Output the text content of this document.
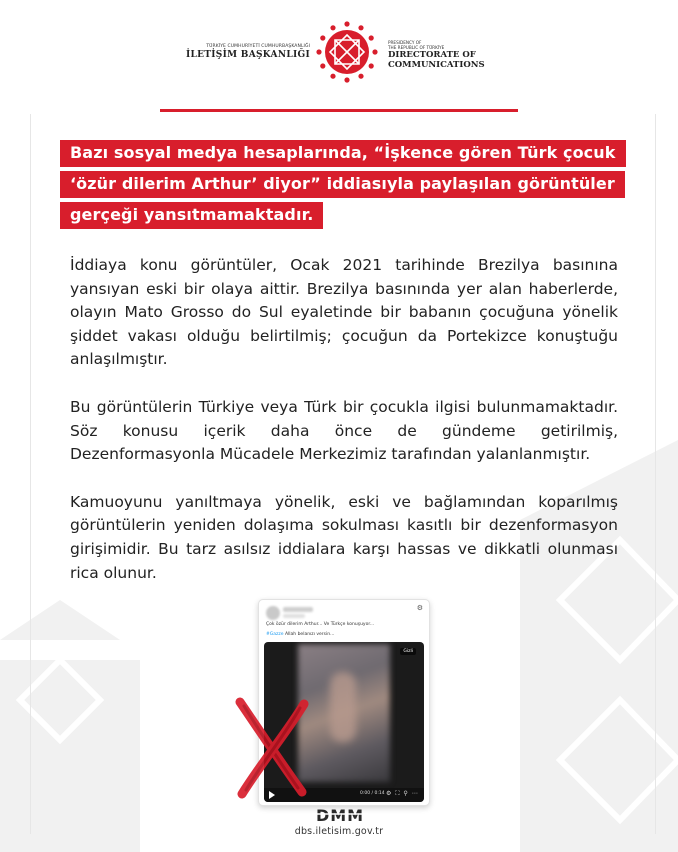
TÜRKİYE CUMHURİYETİ CUMHURBAŞKANLIĞI
İLETİŞİM BAŞKANLIĞI
PRESIDENCY OF
THE REPUBLIC OF TÜRKİYE
DIRECTORATE OF
COMMUNICATIONS
Bazı sosyal medya hesaplarında, “İşkence gören Türk çocuk
‘özür dilerim Arthur’ diyor” iddiasıyla paylaşılan görüntüler
gerçeği yansıtmamaktadır.

İddiaya konu görüntüler, Ocak 2021 tarihinde Brezilya basınına yansıyan eski bir olaya aittir. Brezilya basınında yer alan haberlerde, olayın Mato Grosso do Sul eyaletinde bir babanın çocuğuna yönelik şiddet vakası olduğu belirtilmiş; çocuğun da Portekizce konuştuğu anlaşılmıştır.

Bu görüntülerin Türkiye veya Türk bir çocukla ilgisi bulunmamaktadır. Söz konusu içerik daha önce de gündeme getirilmiş, Dezenformasyonla Mücadele Merkezimiz tarafından yalanlanmıştır.

Kamuoyunu yanıltmaya yönelik, eski ve bağlamından koparılmış görüntülerin yeniden dolaşıma sokulması kasıtlı bir dezenformasyon girişimidir. Bu tarz asılsız iddialara karşı hassas ve dikkatli olunması rica olunur.

⚙
Çok özür dilerim Arthur... Ve Türkçe konuşuyor...
#Gazze Allah belanızı versin...
Gizli
0:00 / 0:14 ⚙ ⛶ ⚲ ⋯
DMM
dbs.iletisim.gov.tr
